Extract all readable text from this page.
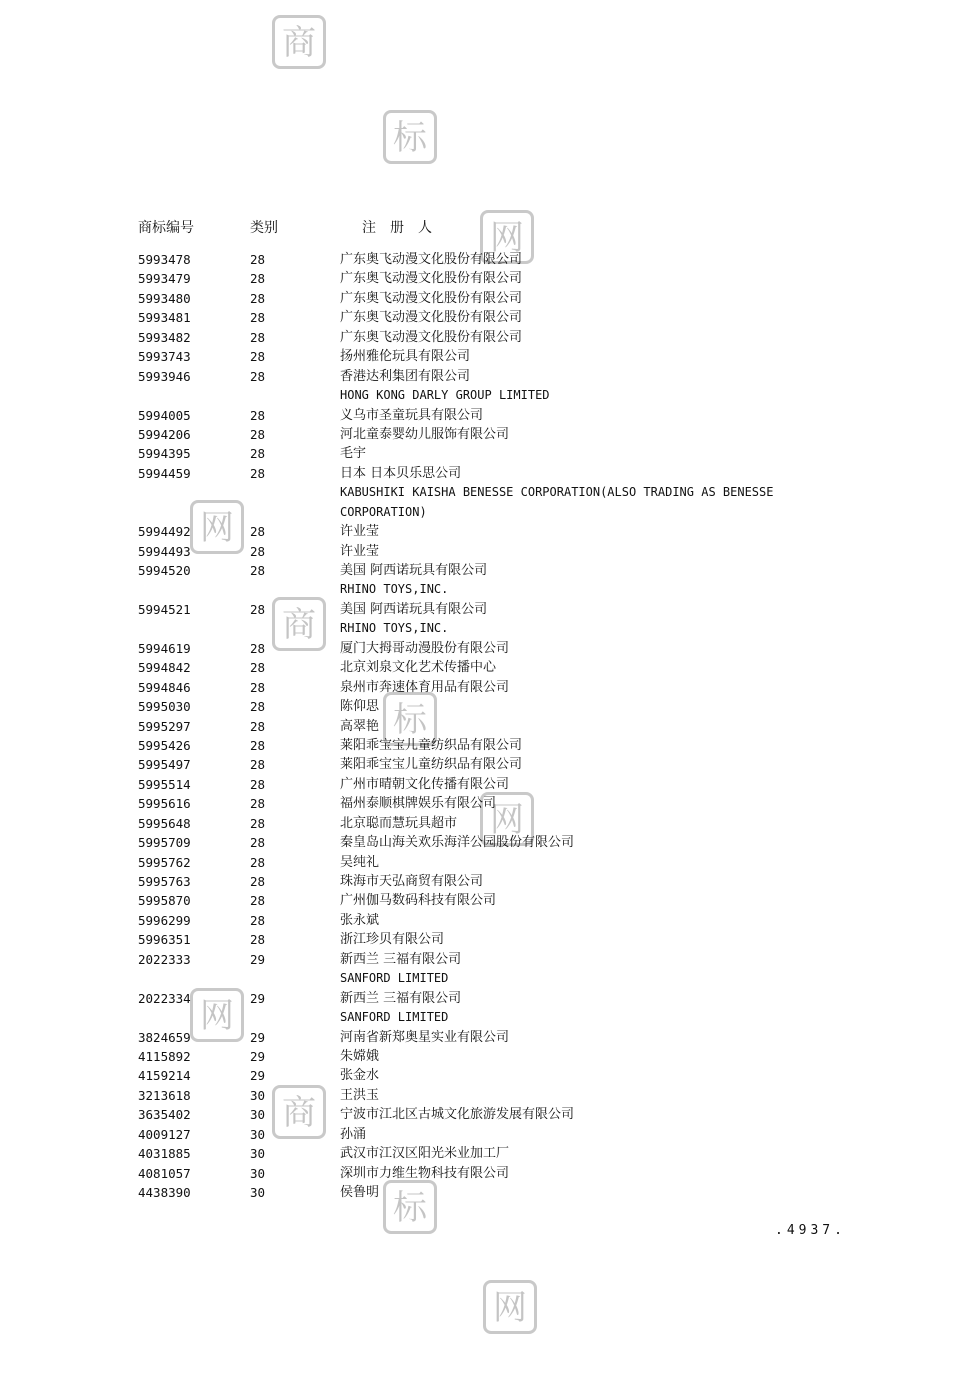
商
标
网
网
商
标
网
网
商
标
网
商标编号	类别	注册人
5993478	28	广东奥飞动漫文化股份有限公司
5993479	28	广东奥飞动漫文化股份有限公司
5993480	28	广东奥飞动漫文化股份有限公司
5993481	28	广东奥飞动漫文化股份有限公司
5993482	28	广东奥飞动漫文化股份有限公司
5993743	28	扬州雅伦玩具有限公司
5993946	28	香港达利集团有限公司
HONG KONG DARLY GROUP LIMITED
5994005	28	义乌市圣童玩具有限公司
5994206	28	河北童泰婴幼儿服饰有限公司
5994395	28	毛宇
5994459	28	日本 日本贝乐思公司
KABUSHIKI KAISHA BENESSE CORPORATION(ALSO TRADING AS BENESSE
CORPORATION)
5994492	28	许业莹
5994493	28	许业莹
5994520	28	美国 阿西诺玩具有限公司
RHINO TOYS,INC.
5994521	28	美国 阿西诺玩具有限公司
RHINO TOYS,INC.
5994619	28	厦门大拇哥动漫股份有限公司
5994842	28	北京刘泉文化艺术传播中心
5994846	28	泉州市奔速体育用品有限公司
5995030	28	陈仰思
5995297	28	高翠艳
5995426	28	莱阳乖宝宝儿童纺织品有限公司
5995497	28	莱阳乖宝宝儿童纺织品有限公司
5995514	28	广州市晴朝文化传播有限公司
5995616	28	福州泰顺棋牌娱乐有限公司
5995648	28	北京聪而慧玩具超市
5995709	28	秦皇岛山海关欢乐海洋公园股份有限公司
5995762	28	吴纯礼
5995763	28	珠海市天弘商贸有限公司
5995870	28	广州伽马数码科技有限公司
5996299	28	张永斌
5996351	28	浙江珍贝有限公司
2022333	29	新西兰 三福有限公司
SANFORD LIMITED
2022334	29	新西兰 三福有限公司
SANFORD LIMITED
3824659	29	河南省新郑奥星实业有限公司
4115892	29	朱嫦娥
4159214	29	张金水
3213618	30	王洪玉
3635402	30	宁波市江北区古城文化旅游发展有限公司
4009127	30	孙涌
4031885	30	武汉市江汉区阳光米业加工厂
4081057	30	深圳市力维生物科技有限公司
4438390	30	侯鲁明
.4937.
